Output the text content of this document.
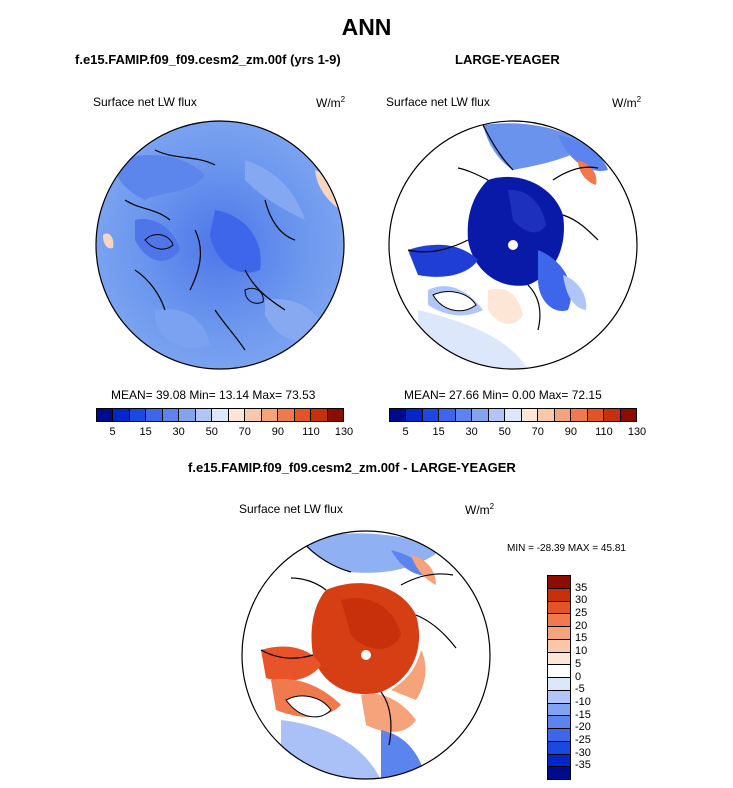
ANN
f.e15.FAMIP.f09_f09.cesm2_zm.00f (yrs 1-9)
Surface net LW flux	$W/m^2$
MEAN= 39.08 Min= 13.14 Max= 73.53
5 15 30 50 70 90 110 130
LARGE-YEAGER
Surface net LW flux	$W/m^2$
MEAN= 27.66 Min= 0.00 Max= 72.15
5 15 30 50 70 90 110 130
f.e15.FAMIP.f09_f09.cesm2_zm.00f - LARGE-YEAGER
Surface net LW flux	$W/m^2$
MIN = -28.39 MAX = 45.81
35
30
25
20
15
10
5
0
-5
-10
-15
-20
-25
-30
-35
